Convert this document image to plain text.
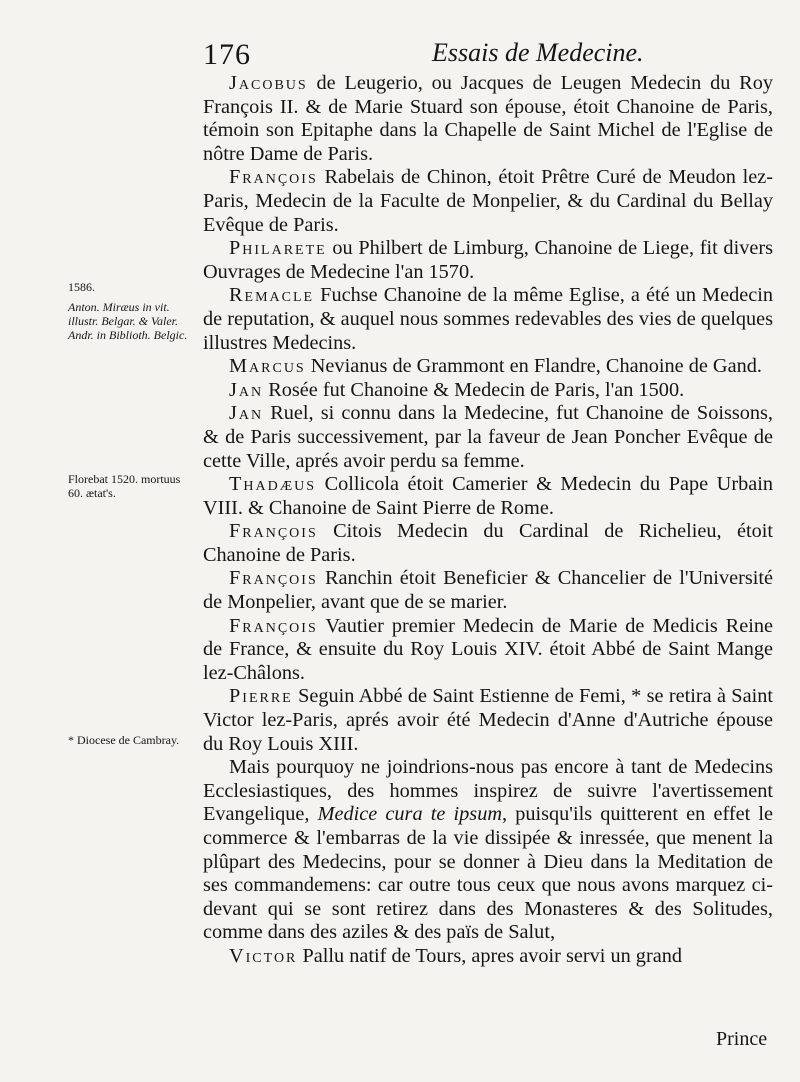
176	Essais de Medecine.
1586.
Anton. Miræus in vit. illustr. Belgar. & Valer. Andr. in Biblioth. Belgic.
Florebat 1520. mortuus 60. ætat's.
* Diocese de Cambray.

Jacobus de Leugerio, ou Jacques de Leugen Medecin du Roy François II. & de Marie Stuard son épouse, étoit Chanoine de Paris, témoin son Epitaphe dans la Chapelle de Saint Michel de l'Eglise de nôtre Dame de Paris.

François Rabelais de Chinon, étoit Prêtre Curé de Meudon lez-Paris, Medecin de la Faculte de Monpelier, & du Cardinal du Bellay Evêque de Paris.

Philarete ou Philbert de Limburg, Chanoine de Liege, fit divers Ouvrages de Medecine l'an 1570.

Remacle Fuchse Chanoine de la même Eglise, a été un Medecin de reputation, & auquel nous sommes redevables des vies de quelques illustres Medecins.

Marcus Nevianus de Grammont en Flandre, Chanoine de Gand.

Jan Rosée fut Chanoine & Medecin de Paris, l'an 1500.

Jan Ruel, si connu dans la Medecine, fut Chanoine de Soissons, & de Paris successivement, par la faveur de Jean Poncher Evêque de cette Ville, aprés avoir perdu sa femme.

Thadæus Collicola étoit Camerier & Medecin du Pape Urbain VIII. & Chanoine de Saint Pierre de Rome.

François Citois Medecin du Cardinal de Richelieu, étoit Chanoine de Paris.

François Ranchin étoit Beneficier & Chancelier de l'Université de Monpelier, avant que de se marier.

François Vautier premier Medecin de Marie de Medicis Reine de France, & ensuite du Roy Louis XIV. étoit Abbé de Saint Mange lez-Châlons.

Pierre Seguin Abbé de Saint Estienne de Femi, * se retira à Saint Victor lez-Paris, aprés avoir été Medecin d'Anne d'Autriche épouse du Roy Louis XIII.

Mais pourquoy ne joindrions-nous pas encore à tant de Medecins Ecclesiastiques, des hommes inspirez de suivre l'avertissement Evangelique, Medice cura te ipsum, puisqu'ils quitterent en effet le commerce & l'embarras de la vie dissipée & inressée, que menent la plûpart des Medecins, pour se donner à Dieu dans la Meditation de ses commandemens: car outre tous ceux que nous avons marquez ci-devant qui se sont retirez dans des Monasteres & des Solitudes, comme dans des aziles & des païs de Salut,

Victor Pallu natif de Tours, apres avoir servi un grand

Prince
